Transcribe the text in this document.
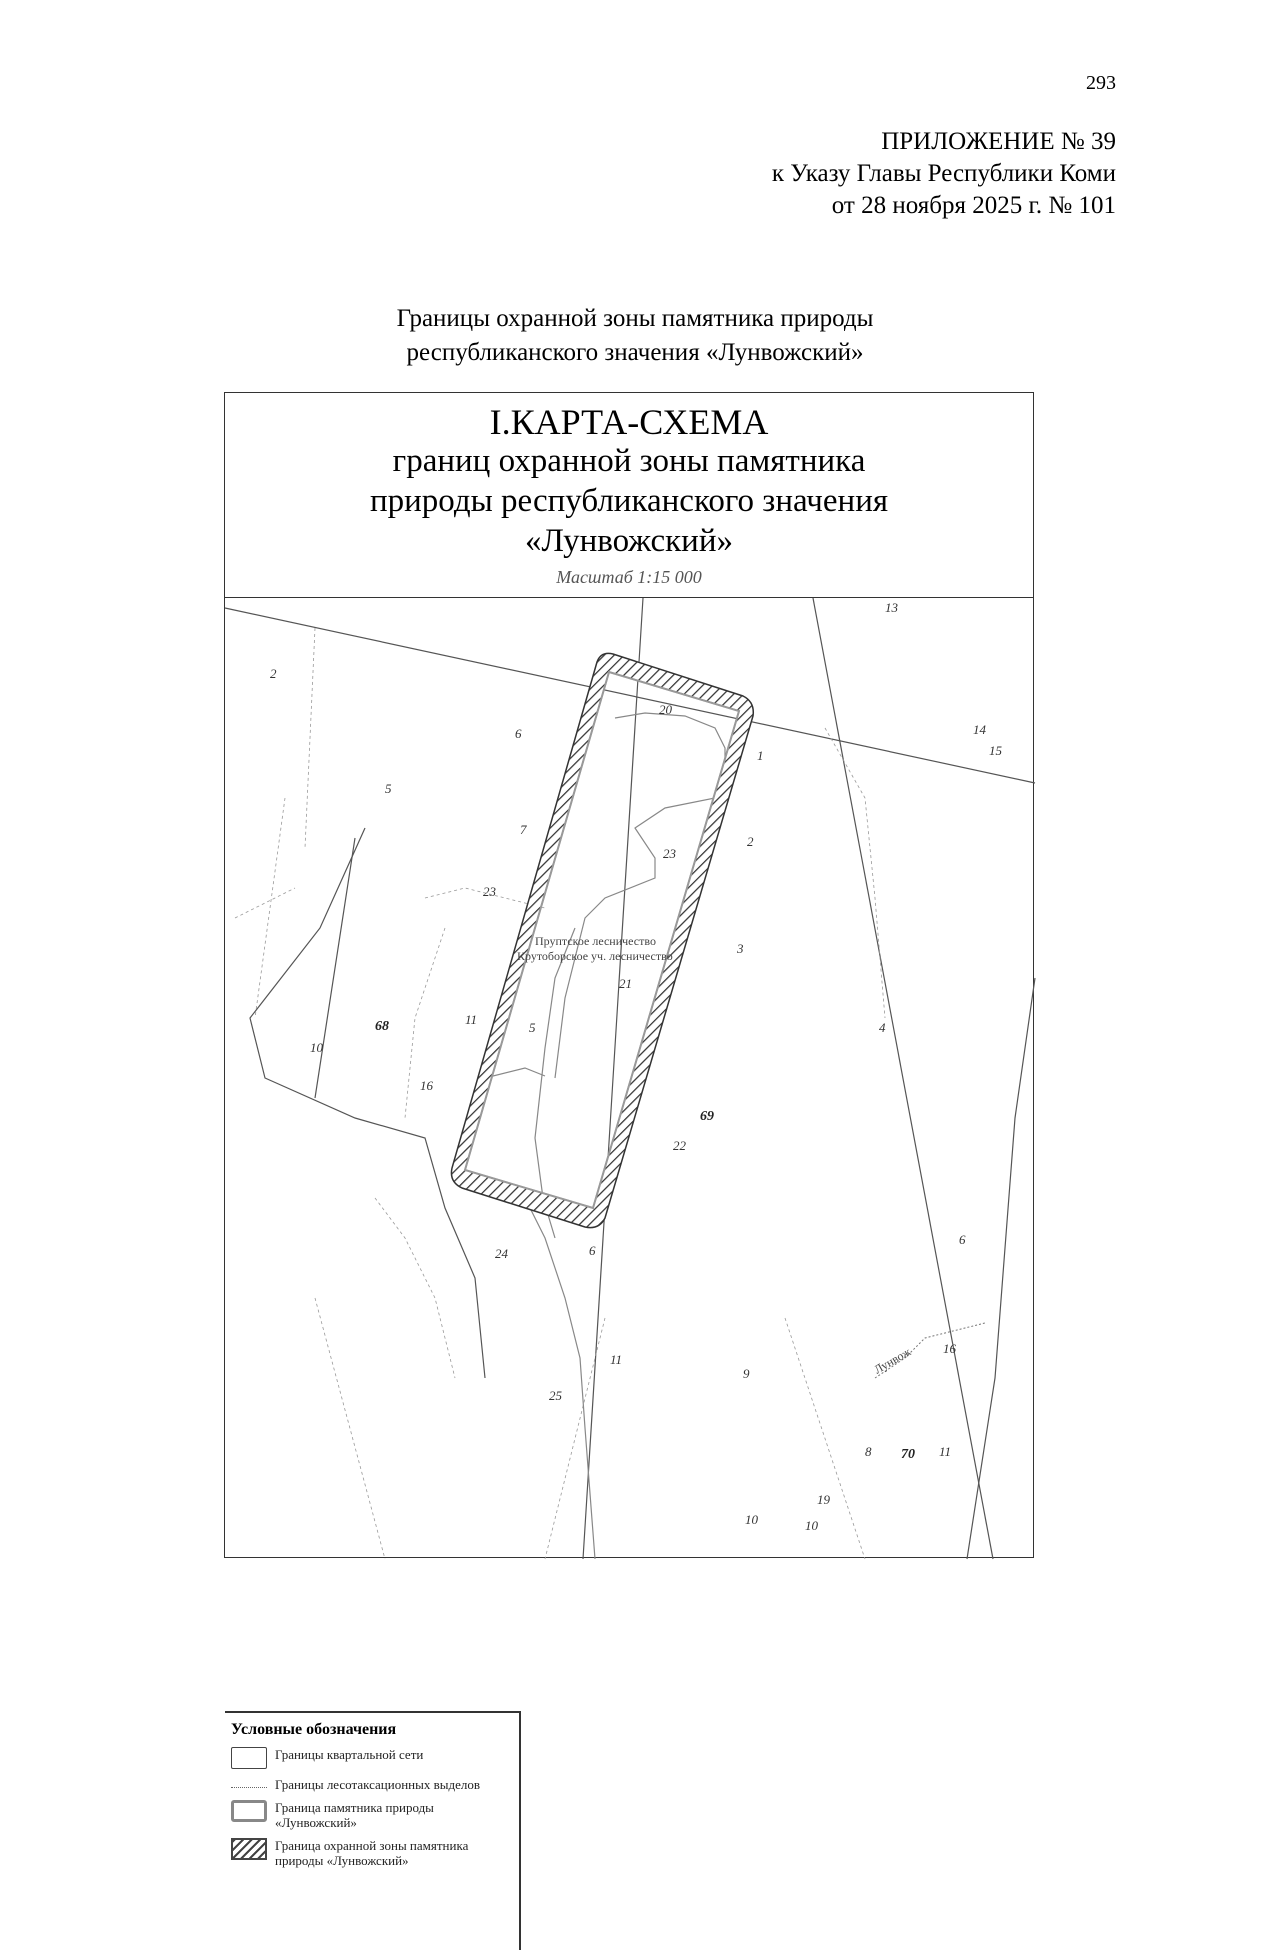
293
ПРИЛОЖЕНИЕ № 39
к Указу Главы Республики Коми
от 28 ноября 2025 г. № 101
Границы охранной зоны памятника природы
республиканского значения «Лунвожский»
I.КАРТА-СХЕМА
границ охранной зоны памятника
природы республиканского значения
«Лунвожский»
Масштаб 1:15 000
13
2
6	14
15
1
5
7
2
23
23
20
3
21
11
5
10
16
4
22
6
24	6
11
9
25
16
8	11
19
10	10
68
69
70
Пруптское лесничество
Крутоборское уч. лесничество
Лунвож
Условные обозначения
Границы квартальной сети
Границы лесотаксационных выделов
Граница памятника природы «Лунвожский»
Граница охранной зоны памятника природы «Лунвожский»
